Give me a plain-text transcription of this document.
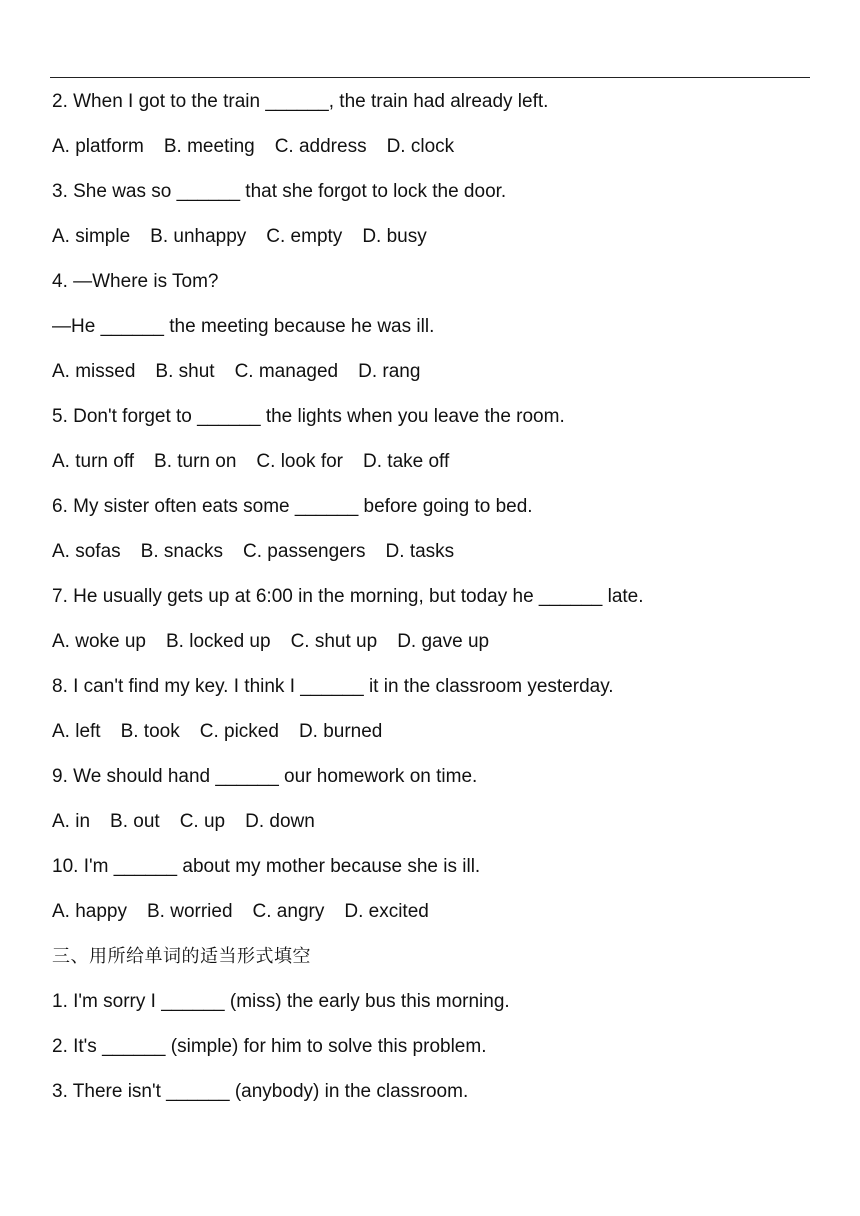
2. When I got to the train ______, the train had already left.
A. platform B. meeting C. address D. clock
3. She was so ______ that she forgot to lock the door.
A. simple B. unhappy C. empty D. busy
4. —Where is Tom?
—He ______ the meeting because he was ill.
A. missed B. shut C. managed D. rang
5. Don't forget to ______ the lights when you leave the room.
A. turn off B. turn on C. look for D. take off
6. My sister often eats some ______ before going to bed.
A. sofas B. snacks C. passengers D. tasks
7. He usually gets up at 6:00 in the morning, but today he ______ late.
A. woke up B. locked up C. shut up D. gave up
8. I can't find my key. I think I ______ it in the classroom yesterday.
A. left B. took C. picked D. burned
9. We should hand ______ our homework on time.
A. in B. out C. up D. down
10. I'm ______ about my mother because she is ill.
A. happy B. worried C. angry D. excited
三、用所给单词的适当形式填空
1. I'm sorry I ______ (miss) the early bus this morning.
2. It's ______ (simple) for him to solve this problem.
3. There isn't ______ (anybody) in the classroom.
